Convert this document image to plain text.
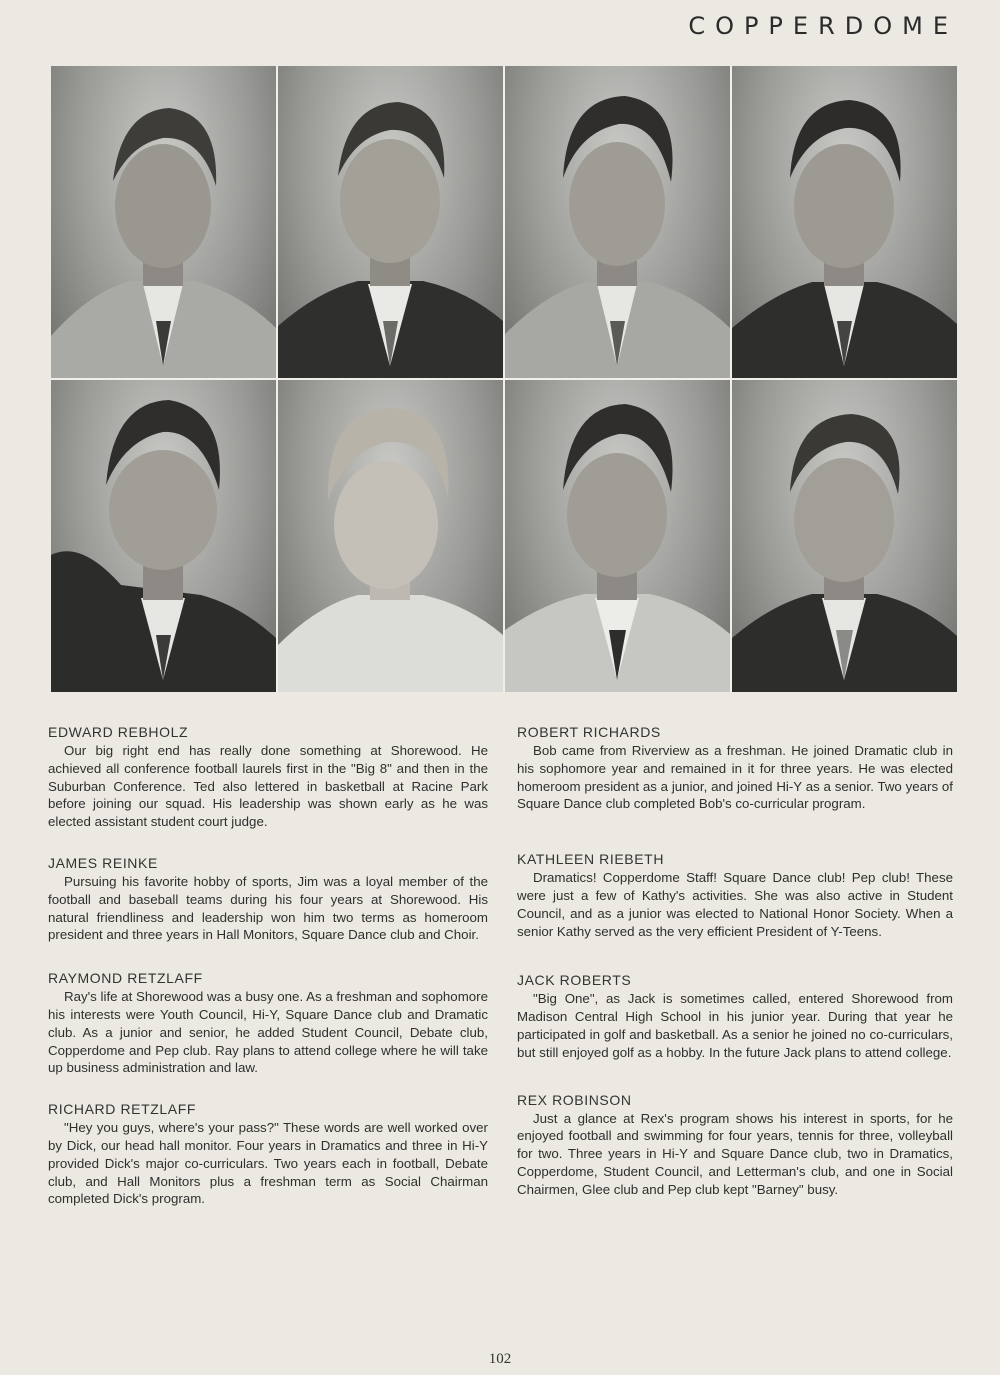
COPPERDOME
EDWARD REBHOLZ

Our big right end has really done something at Shorewood. He achieved all conference football laurels first in the "Big 8" and then in the Suburban Conference. Ted also lettered in basketball at Racine Park before joining our squad. His leadership was shown early as he was elected assistant student court judge.

JAMES REINKE

Pursuing his favorite hobby of sports, Jim was a loyal member of the football and baseball teams during his four years at Shorewood. His natural friendliness and leadership won him two terms as homeroom president and three years in Hall Monitors, Square Dance club and Choir.

RAYMOND RETZLAFF

Ray's life at Shorewood was a busy one. As a freshman and sophomore his interests were Youth Council, Hi-Y, Square Dance club and Dramatic club. As a junior and senior, he added Student Council, Debate club, Copperdome and Pep club. Ray plans to attend college where he will take up business administration and law.

RICHARD RETZLAFF

"Hey you guys, where's your pass?" These words are well worked over by Dick, our head hall monitor. Four years in Dramatics and three in Hi-Y provided Dick's major co-curriculars. Two years each in football, Debate club, and Hall Monitors plus a freshman term as Social Chairman completed Dick's program.

ROBERT RICHARDS

Bob came from Riverview as a freshman. He joined Dramatic club in his sophomore year and remained in it for three years. He was elected homeroom president as a junior, and joined Hi-Y as a senior. Two years of Square Dance club completed Bob's co-curricular program.

KATHLEEN RIEBETH

Dramatics! Copperdome Staff! Square Dance club! Pep club! These were just a few of Kathy's activities. She was also active in Student Council, and as a junior was elected to National Honor Society. When a senior Kathy served as the very efficient President of Y-Teens.

JACK ROBERTS

"Big One", as Jack is sometimes called, entered Shorewood from Madison Central High School in his junior year. During that year he participated in golf and basketball. As a senior he joined no co-curriculars, but still enjoyed golf as a hobby. In the future Jack plans to attend college.

REX ROBINSON

Just a glance at Rex's program shows his interest in sports, for he enjoyed football and swimming for four years, tennis for three, volleyball for two. Three years in Hi-Y and Square Dance club, two in Dramatics, Copperdome, Student Council, and Letterman's club, and one in Social Chairmen, Glee club and Pep club kept "Barney" busy.

102
